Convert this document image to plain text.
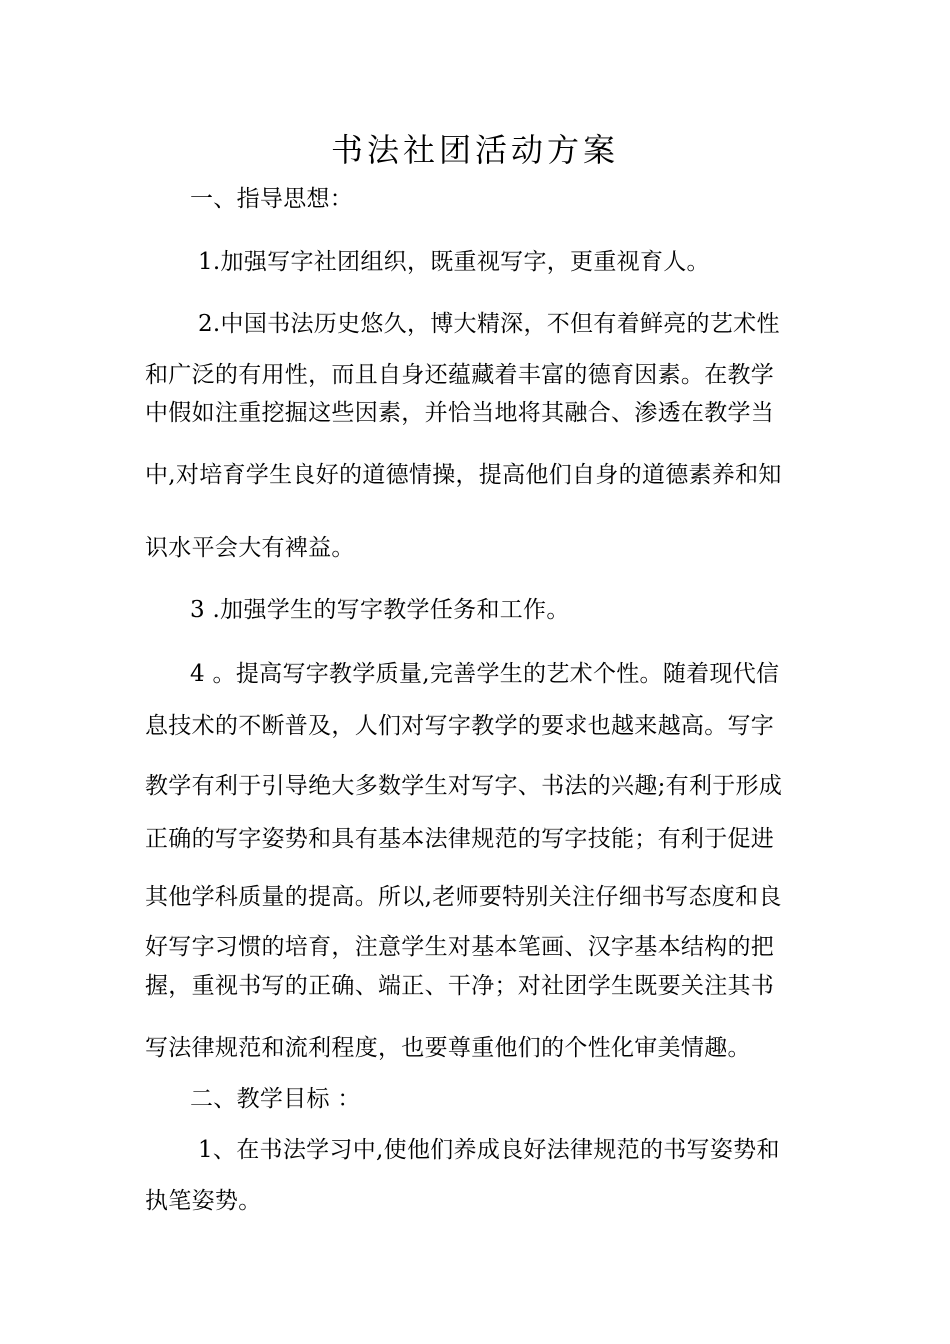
书法社团活动方案
一、指导思想：
1.加强写字社团组织，既重视写字，更重视育人。
2.中国书法历史悠久，博大精深，不但有着鲜亮的艺术性
和广泛的有用性，而且自身还蕴藏着丰富的德育因素。在教学
中假如注重挖掘这些因素，并恰当地将其融合、渗透在教学当
中,对培育学生良好的道德情操，提高他们自身的道德素养和知
识水平会大有裨益。
3 .加强学生的写字教学任务和工作。
4 。提高写字教学质量,完善学生的艺术个性。随着现代信
息技术的不断普及，人们对写字教学的要求也越来越高。写字
教学有利于引导绝大多数学生对写字、书法的兴趣;有利于形成
正确的写字姿势和具有基本法律规范的写字技能；有利于促进
其他学科质量的提高。所以,老师要特别关注仔细书写态度和良
好写字习惯的培育，注意学生对基本笔画、汉字基本结构的把
握，重视书写的正确、端正、干净；对社团学生既要关注其书
写法律规范和流利程度，也要尊重他们的个性化审美情趣。
二、教学目标 ：
1、在书法学习中,使他们养成良好法律规范的书写姿势和
执笔姿势。
